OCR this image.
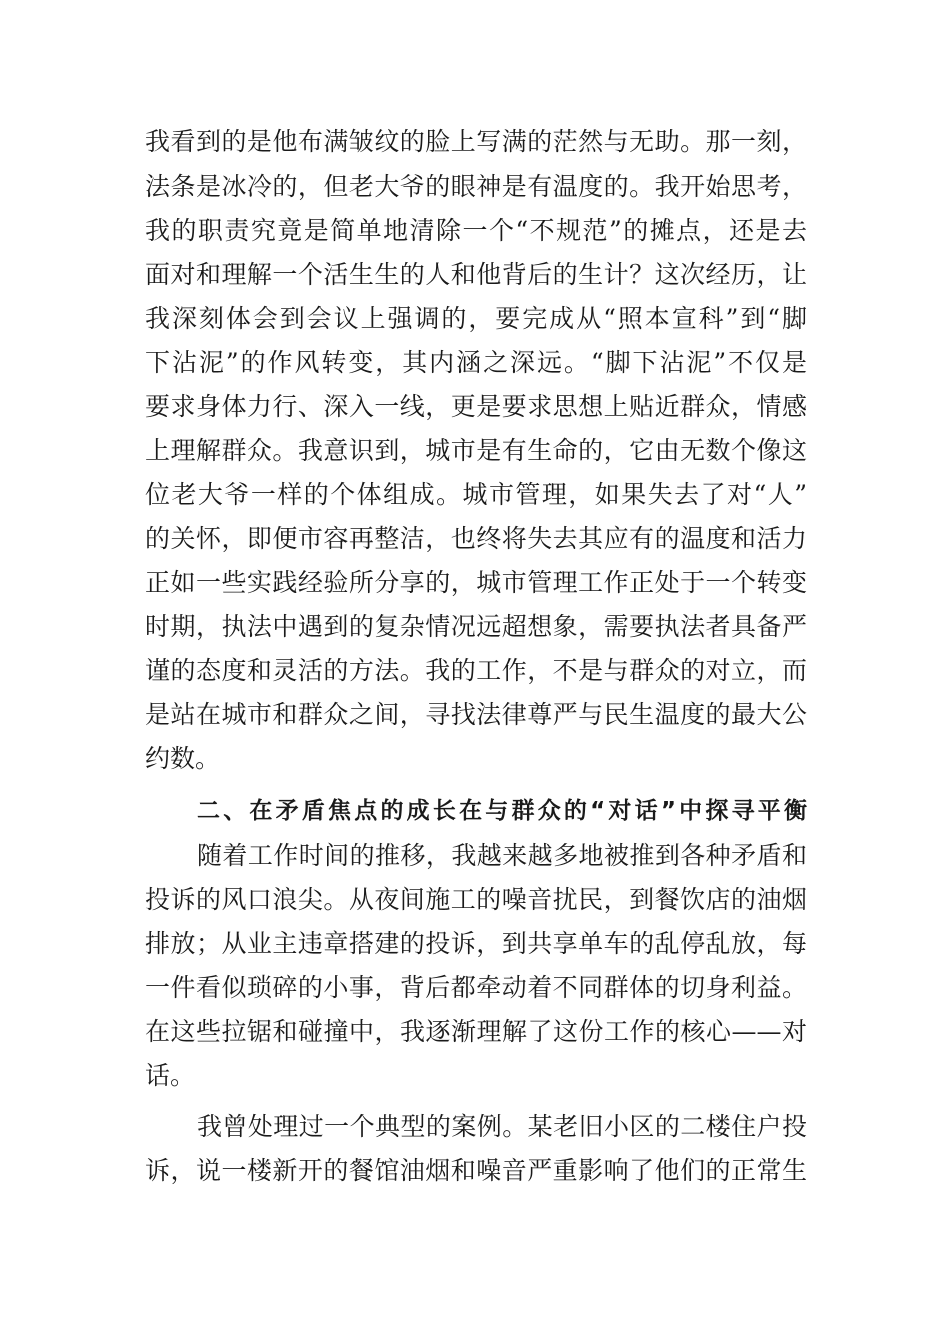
我看到的是他布满皱纹的脸上写满的茫然与无助。那一刻，
法条是冰冷的，但老大爷的眼神是有温度的。我开始思考，
我的职责究竟是简单地清除一个“不规范”的摊点，还是去
面对和理解一个活生生的人和他背后的生计？这次经历，让
我深刻体会到会议上强调的，要完成从“照本宣科”到“脚
下沾泥”的作风转变，其内涵之深远。“脚下沾泥”不仅是
要求身体力行、深入一线，更是要求思想上贴近群众，情感
上理解群众。我意识到，城市是有生命的，它由无数个像这
位老大爷一样的个体组成。城市管理，如果失去了对“人”
的关怀，即便市容再整洁，也终将失去其应有的温度和活力
正如一些实践经验所分享的，城市管理工作正处于一个转变
时期，执法中遇到的复杂情况远超想象，需要执法者具备严
谨的态度和灵活的方法。我的工作，不是与群众的对立，而
是站在城市和群众之间，寻找法律尊严与民生温度的最大公
约数。
二、在矛盾焦点的成长在与群众的“对话”中探寻平衡
随着工作时间的推移，我越来越多地被推到各种矛盾和
投诉的风口浪尖。从夜间施工的噪音扰民，到餐饮店的油烟
排放；从业主违章搭建的投诉，到共享单车的乱停乱放，每
一件看似琐碎的小事，背后都牵动着不同群体的切身利益。
在这些拉锯和碰撞中，我逐渐理解了这份工作的核心——对
话。
我曾处理过一个典型的案例。某老旧小区的二楼住户投
诉，说一楼新开的餐馆油烟和噪音严重影响了他们的正常生
